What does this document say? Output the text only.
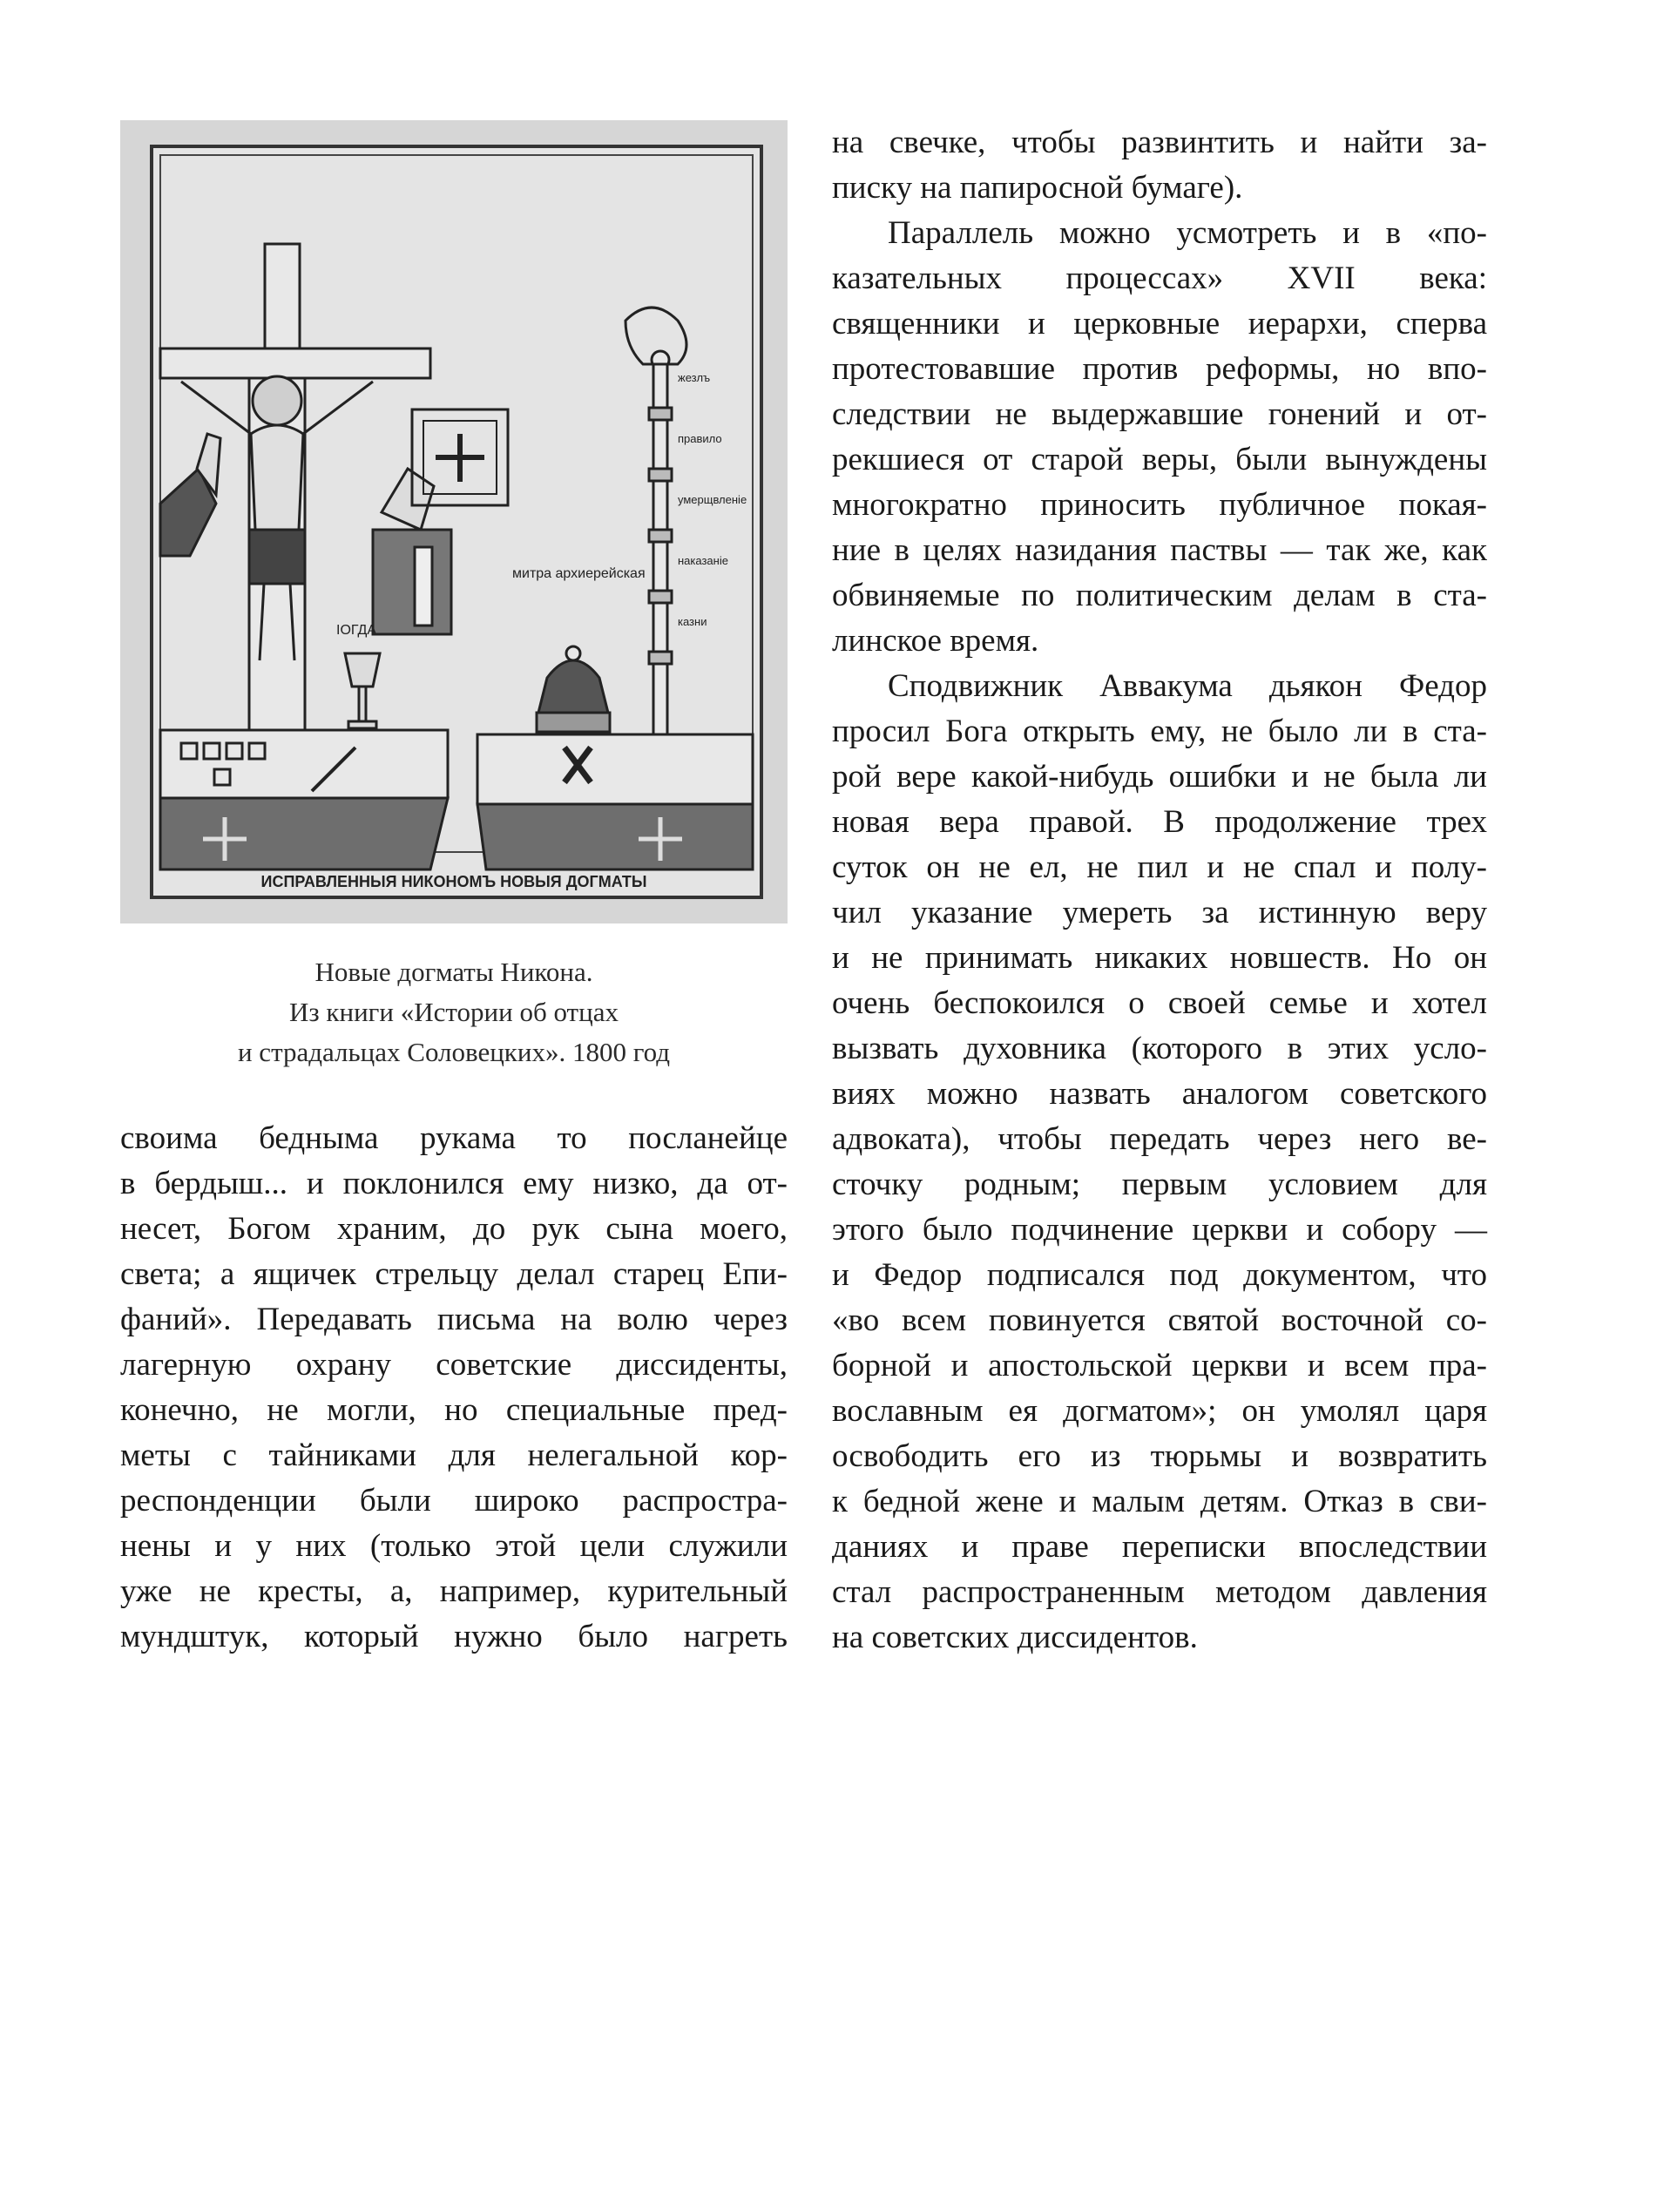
ІОГДА
митра архиерейская
жезлъ
правило
умерщвленіе
наказаніе
казни
ИСПРАВЛЕННЫЯ НИКОНОМЪ НОВЫЯ ДОГМАТЫ
Новые догматы Никона.
Из книги «Истории об отцах
и страдальцах Соловецких». 1800 год
своима бедныма рукама то посланейце
в бердыш... и поклонился ему низко, да от-
несет, Богом храним, до рук сына моего,
света; а ящичек стрельцу делал старец Епи-
фаний». Передавать письма на волю через
лагерную охрану советские диссиденты,
конечно, не могли, но специальные пред-
меты с тайниками для нелегальной кор-
респонденции были широко распростра-
нены и у них (только этой цели служили
уже не кресты, а, например, курительный
мундштук, который нужно было нагреть
на свечке, чтобы развинтить и найти за-
писку на папиросной бумаге).
Параллель можно усмотреть и в «по-
казательных процессах» XVII века:
священники и церковные иерархи, сперва
протестовавшие против реформы, но впо-
следствии не выдержавшие гонений и от-
рекшиеся от старой веры, были вынуждены
многократно приносить публичное покая-
ние в целях назидания паствы — так же, как
обвиняемые по политическим делам в ста-
линское время.
Сподвижник Аввакума дьякон Федор
просил Бога открыть ему, не было ли в ста-
рой вере какой-нибудь ошибки и не была ли
новая вера правой. В продолжение трех
суток он не ел, не пил и не спал и полу-
чил указание умереть за истинную веру
и не принимать никаких новшеств. Но он
очень беспокоился о своей семье и хотел
вызвать духовника (которого в этих усло-
виях можно назвать аналогом советского
адвоката), чтобы передать через него ве-
сточку родным; первым условием для
этого было подчинение церкви и собору —
и Федор подписался под документом, что
«во всем повинуется святой восточной со-
борной и апостольской церкви и всем пра-
вославным ея догматом»; он умолял царя
освободить его из тюрьмы и возвратить
к бедной жене и малым детям. Отказ в сви-
даниях и праве переписки впоследствии
стал распространенным методом давления
на советских диссидентов.
